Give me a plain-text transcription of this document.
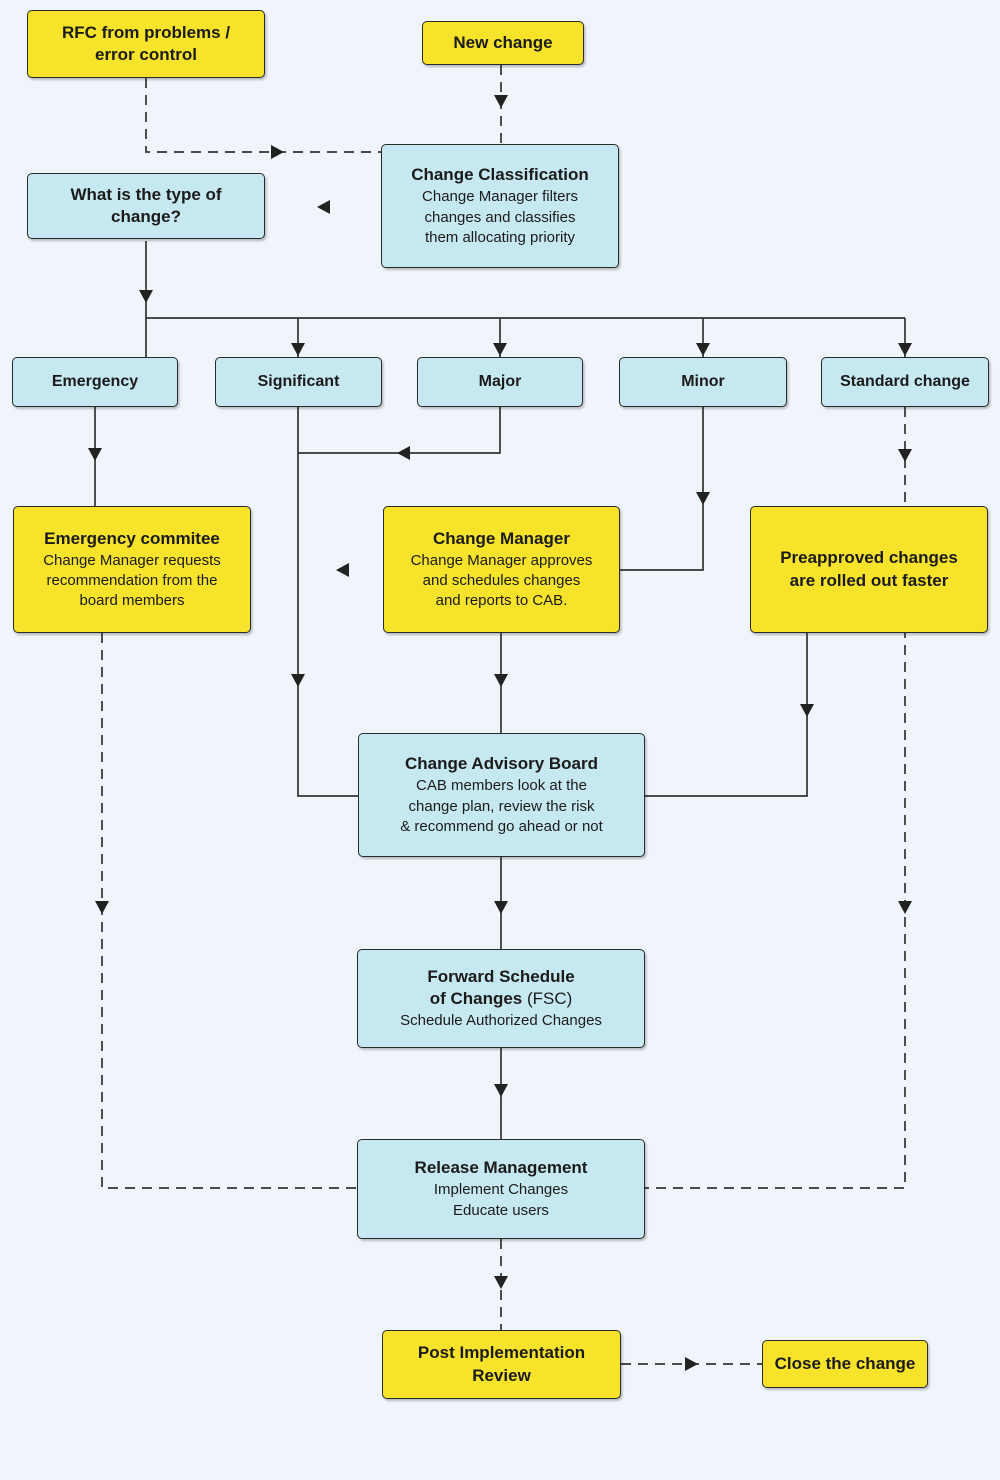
RFC from problems /
error control
New change
Change Classification
Change Manager filters
changes and classifies
them allocating priority
What is the type of
change?
Emergency	Significant	Major	Minor	Standard change
Emergency commitee
Change Manager requests
recommendation from the
board members
Change Manager
Change Manager approves
and schedules changes
and reports to CAB.
Preapproved changes
are rolled out faster
Change Advisory Board
CAB members look at the
change plan, review the risk
& recommend go ahead or not
Forward Schedule
of Changes (FSC)
Schedule Authorized Changes
Release Management
Implement Changes
Educate users
Post Implementation
Review
Close the change
